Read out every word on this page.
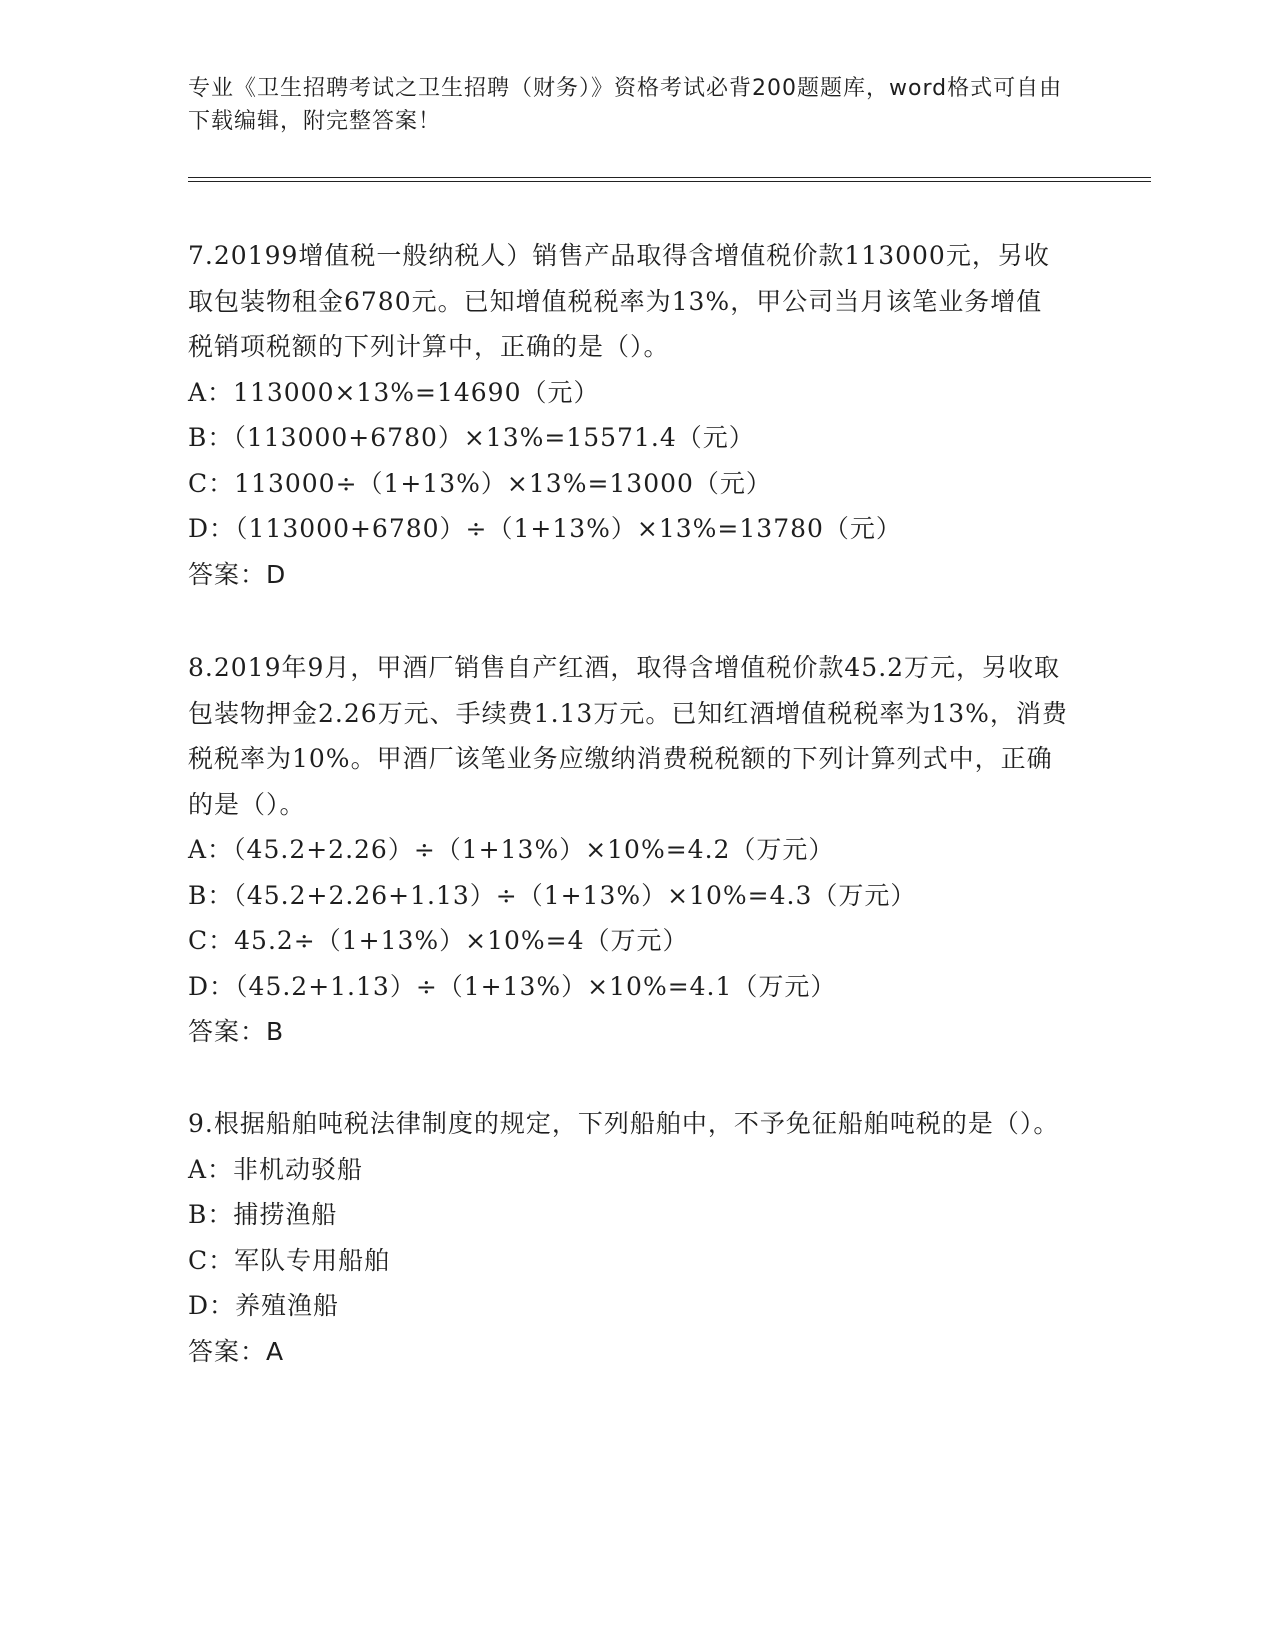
专业《卫生招聘考试之卫生招聘（财务）》资格考试必背200题题库，word格式可自由下载编辑，附完整答案！

7.20199增值税一般纳税人）销售产品取得含增值税价款113000元，另收取包装物租金6780元。已知增值税税率为13%，甲公司当月该笔业务增值税销项税额的下列计算中，正确的是（）。

A：113000×13%=14690（元）

B：（113000+6780）×13%=15571.4（元）

C：113000÷（1+13%）×13%=13000（元）

D：（113000+6780）÷（1+13%）×13%=13780（元）

答案：D

8.2019年9月，甲酒厂销售自产红酒，取得含增值税价款45.2万元，另收取包装物押金2.26万元、手续费1.13万元。已知红酒增值税税率为13%，消费税税率为10%。甲酒厂该笔业务应缴纳消费税税额的下列计算列式中，正确的是（）。

A：（45.2+2.26）÷（1+13%）×10%=4.2（万元）

B：（45.2+2.26+1.13）÷（1+13%）×10%=4.3（万元）

C：45.2÷（1+13%）×10%=4（万元）

D：（45.2+1.13）÷（1+13%）×10%=4.1（万元）

答案：B

9.根据船舶吨税法律制度的规定，下列船舶中，不予免征船舶吨税的是（）。

A：非机动驳船

B：捕捞渔船

C：军队专用船舶

D：养殖渔船

答案：A
